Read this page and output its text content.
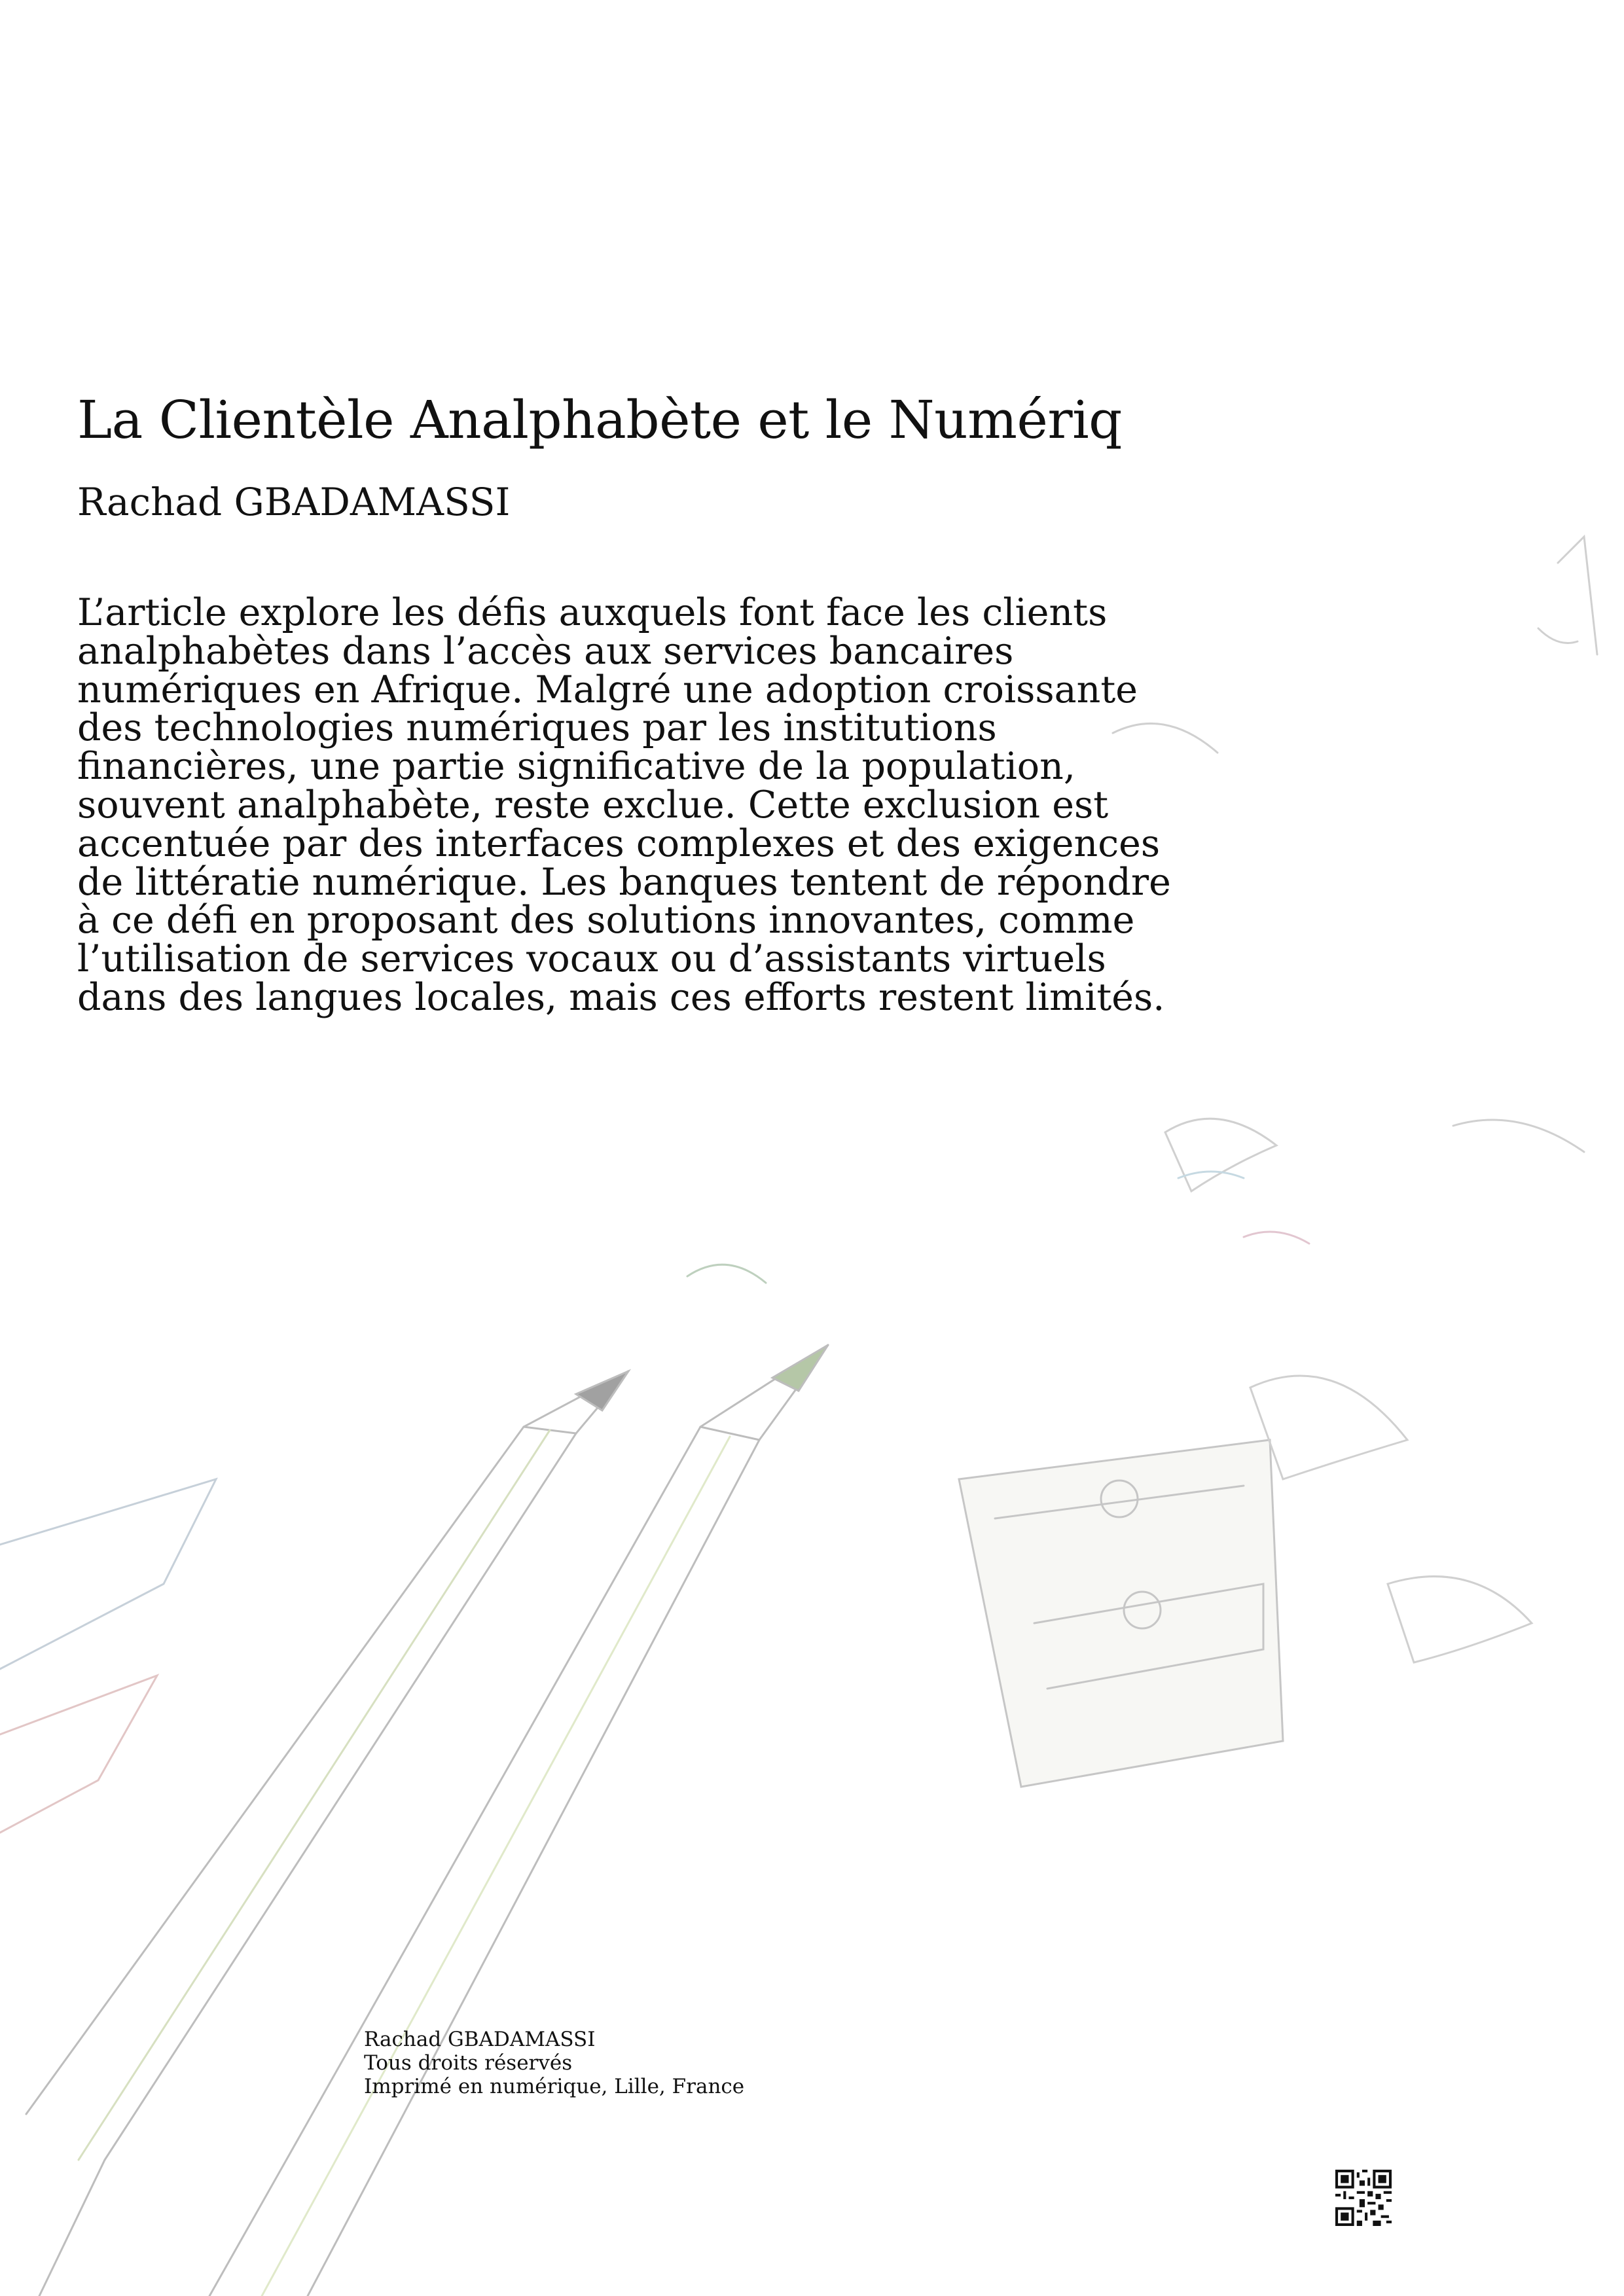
La Clientèle Analphabète et le Numériq
Rachad GBADAMASSI

L’article explore les défis auxquels font face les clients
analphabètes dans l’accès aux services bancaires
numériques en Afrique. Malgré une adoption croissante
des technologies numériques par les institutions
financières, une partie significative de la population,
souvent analphabète, reste exclue. Cette exclusion est
accentuée par des interfaces complexes et des exigences
de littératie numérique. Les banques tentent de répondre
à ce défi en proposant des solutions innovantes, comme
l’utilisation de services vocaux ou d’assistants virtuels
dans des langues locales, mais ces efforts restent limités.

Rachad GBADAMASSI
Tous droits réservés
Imprimé en numérique, Lille, France
